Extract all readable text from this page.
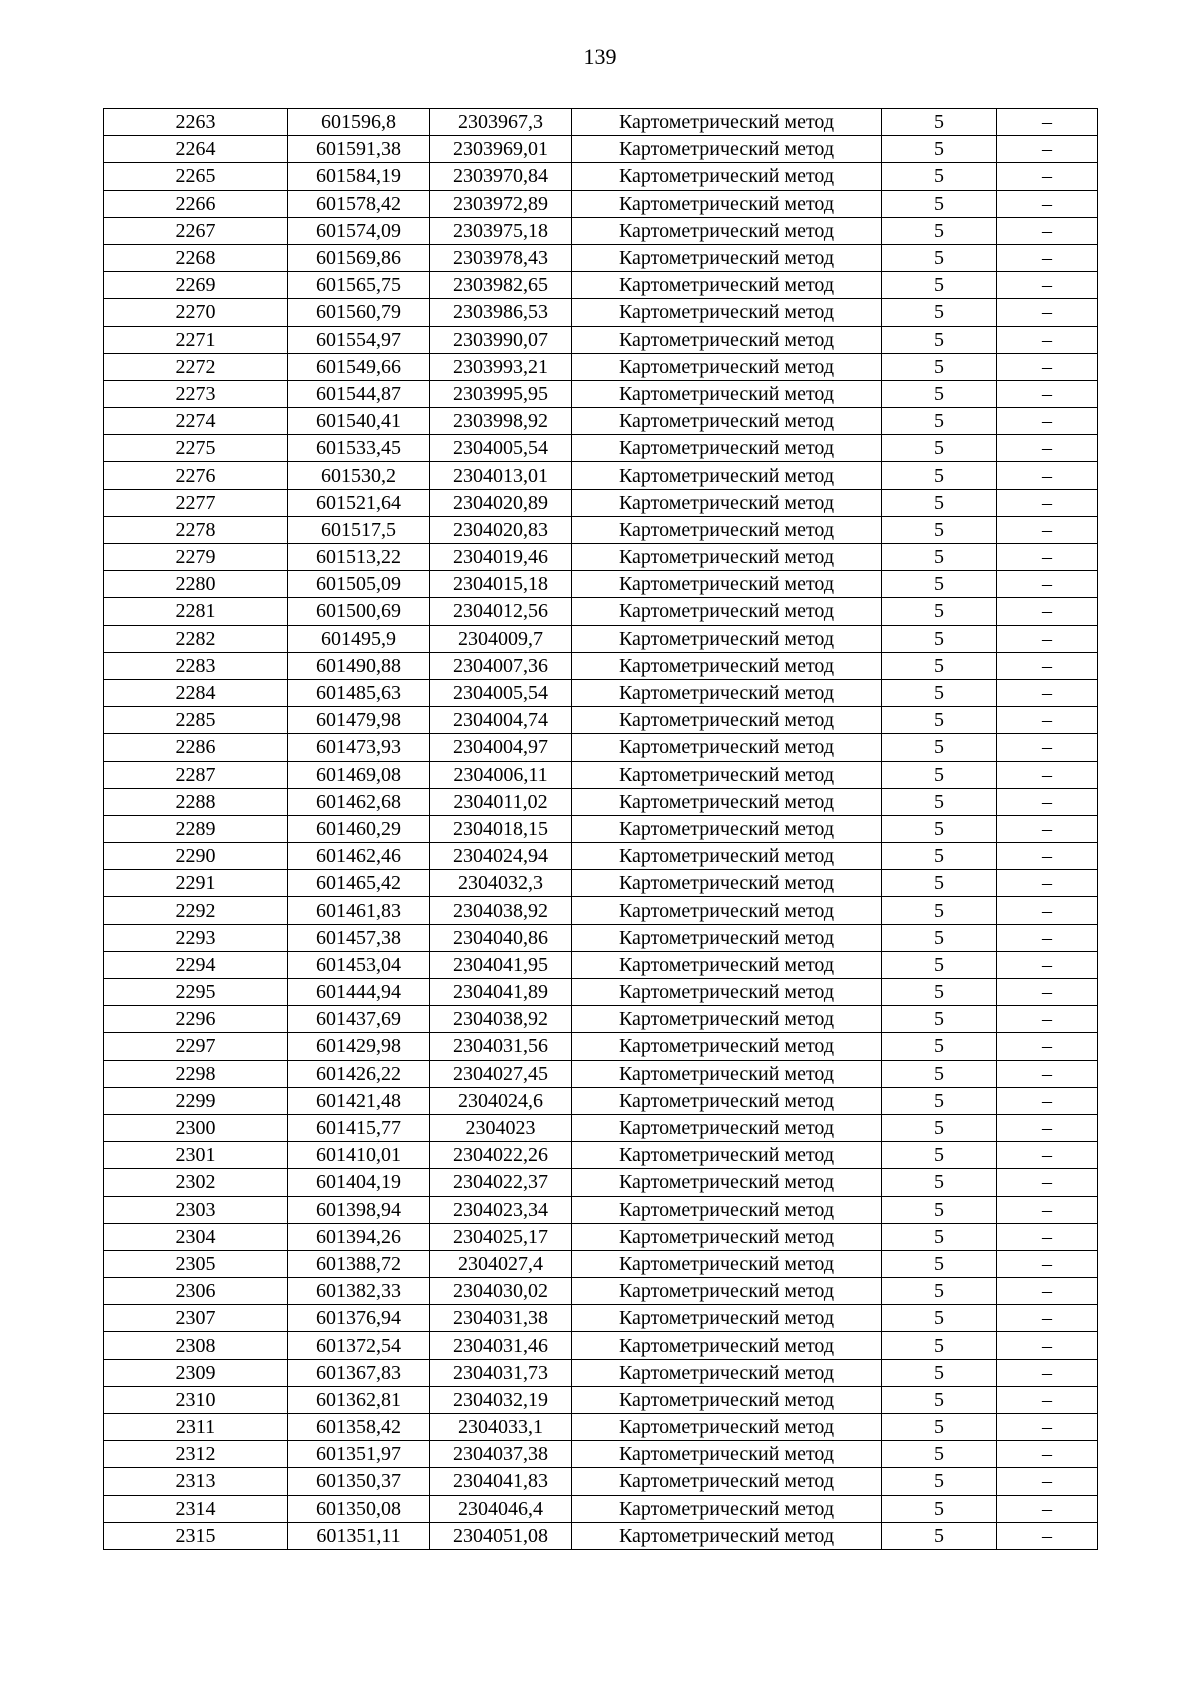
139
2263	601596,8	2303967,3	Картометрический метод	5	–
2264	601591,38	2303969,01	Картометрический метод	5	–
2265	601584,19	2303970,84	Картометрический метод	5	–
2266	601578,42	2303972,89	Картометрический метод	5	–
2267	601574,09	2303975,18	Картометрический метод	5	–
2268	601569,86	2303978,43	Картометрический метод	5	–
2269	601565,75	2303982,65	Картометрический метод	5	–
2270	601560,79	2303986,53	Картометрический метод	5	–
2271	601554,97	2303990,07	Картометрический метод	5	–
2272	601549,66	2303993,21	Картометрический метод	5	–
2273	601544,87	2303995,95	Картометрический метод	5	–
2274	601540,41	2303998,92	Картометрический метод	5	–
2275	601533,45	2304005,54	Картометрический метод	5	–
2276	601530,2	2304013,01	Картометрический метод	5	–
2277	601521,64	2304020,89	Картометрический метод	5	–
2278	601517,5	2304020,83	Картометрический метод	5	–
2279	601513,22	2304019,46	Картометрический метод	5	–
2280	601505,09	2304015,18	Картометрический метод	5	–
2281	601500,69	2304012,56	Картометрический метод	5	–
2282	601495,9	2304009,7	Картометрический метод	5	–
2283	601490,88	2304007,36	Картометрический метод	5	–
2284	601485,63	2304005,54	Картометрический метод	5	–
2285	601479,98	2304004,74	Картометрический метод	5	–
2286	601473,93	2304004,97	Картометрический метод	5	–
2287	601469,08	2304006,11	Картометрический метод	5	–
2288	601462,68	2304011,02	Картометрический метод	5	–
2289	601460,29	2304018,15	Картометрический метод	5	–
2290	601462,46	2304024,94	Картометрический метод	5	–
2291	601465,42	2304032,3	Картометрический метод	5	–
2292	601461,83	2304038,92	Картометрический метод	5	–
2293	601457,38	2304040,86	Картометрический метод	5	–
2294	601453,04	2304041,95	Картометрический метод	5	–
2295	601444,94	2304041,89	Картометрический метод	5	–
2296	601437,69	2304038,92	Картометрический метод	5	–
2297	601429,98	2304031,56	Картометрический метод	5	–
2298	601426,22	2304027,45	Картометрический метод	5	–
2299	601421,48	2304024,6	Картометрический метод	5	–
2300	601415,77	2304023	Картометрический метод	5	–
2301	601410,01	2304022,26	Картометрический метод	5	–
2302	601404,19	2304022,37	Картометрический метод	5	–
2303	601398,94	2304023,34	Картометрический метод	5	–
2304	601394,26	2304025,17	Картометрический метод	5	–
2305	601388,72	2304027,4	Картометрический метод	5	–
2306	601382,33	2304030,02	Картометрический метод	5	–
2307	601376,94	2304031,38	Картометрический метод	5	–
2308	601372,54	2304031,46	Картометрический метод	5	–
2309	601367,83	2304031,73	Картометрический метод	5	–
2310	601362,81	2304032,19	Картометрический метод	5	–
2311	601358,42	2304033,1	Картометрический метод	5	–
2312	601351,97	2304037,38	Картометрический метод	5	–
2313	601350,37	2304041,83	Картометрический метод	5	–
2314	601350,08	2304046,4	Картометрический метод	5	–
2315	601351,11	2304051,08	Картометрический метод	5	–
